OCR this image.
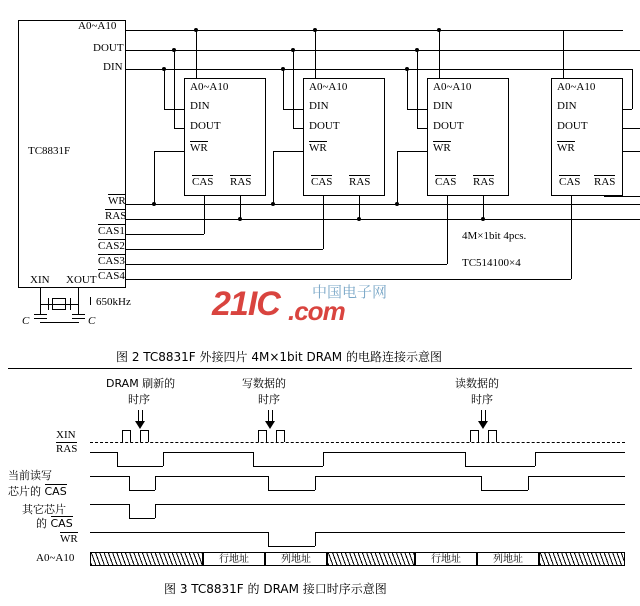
TC8831F
A0~A10
DOUT
DIN
WR
RAS
CAS1
CAS2
CAS3
CAS4
XIN XOUT
C	C
650kHz
A0~A10
DIN
DOUT
WR
CAS RAS
A0~A10
DIN
DOUT
WR
CAS RAS
A0~A10
DIN
DOUT
WR
CAS RAS
A0~A10
DIN
DOUT
WR
CAS RAS
4M×1bit 4pcs.
TC514100×4
21IC .com
中国电子网
图 2 TC8831F 外接四片 4M×1bit DRAM 的电路连接示意图
DRAM 刷新的
时序
写数据的
时序
读数据的
时序
XIN
RAS
当前读写
芯片的 CAS
其它芯片
的 CAS
WR
A0~A10	行地址	列地址	行地址	列地址
图 3 TC8831F 的 DRAM 接口时序示意图
